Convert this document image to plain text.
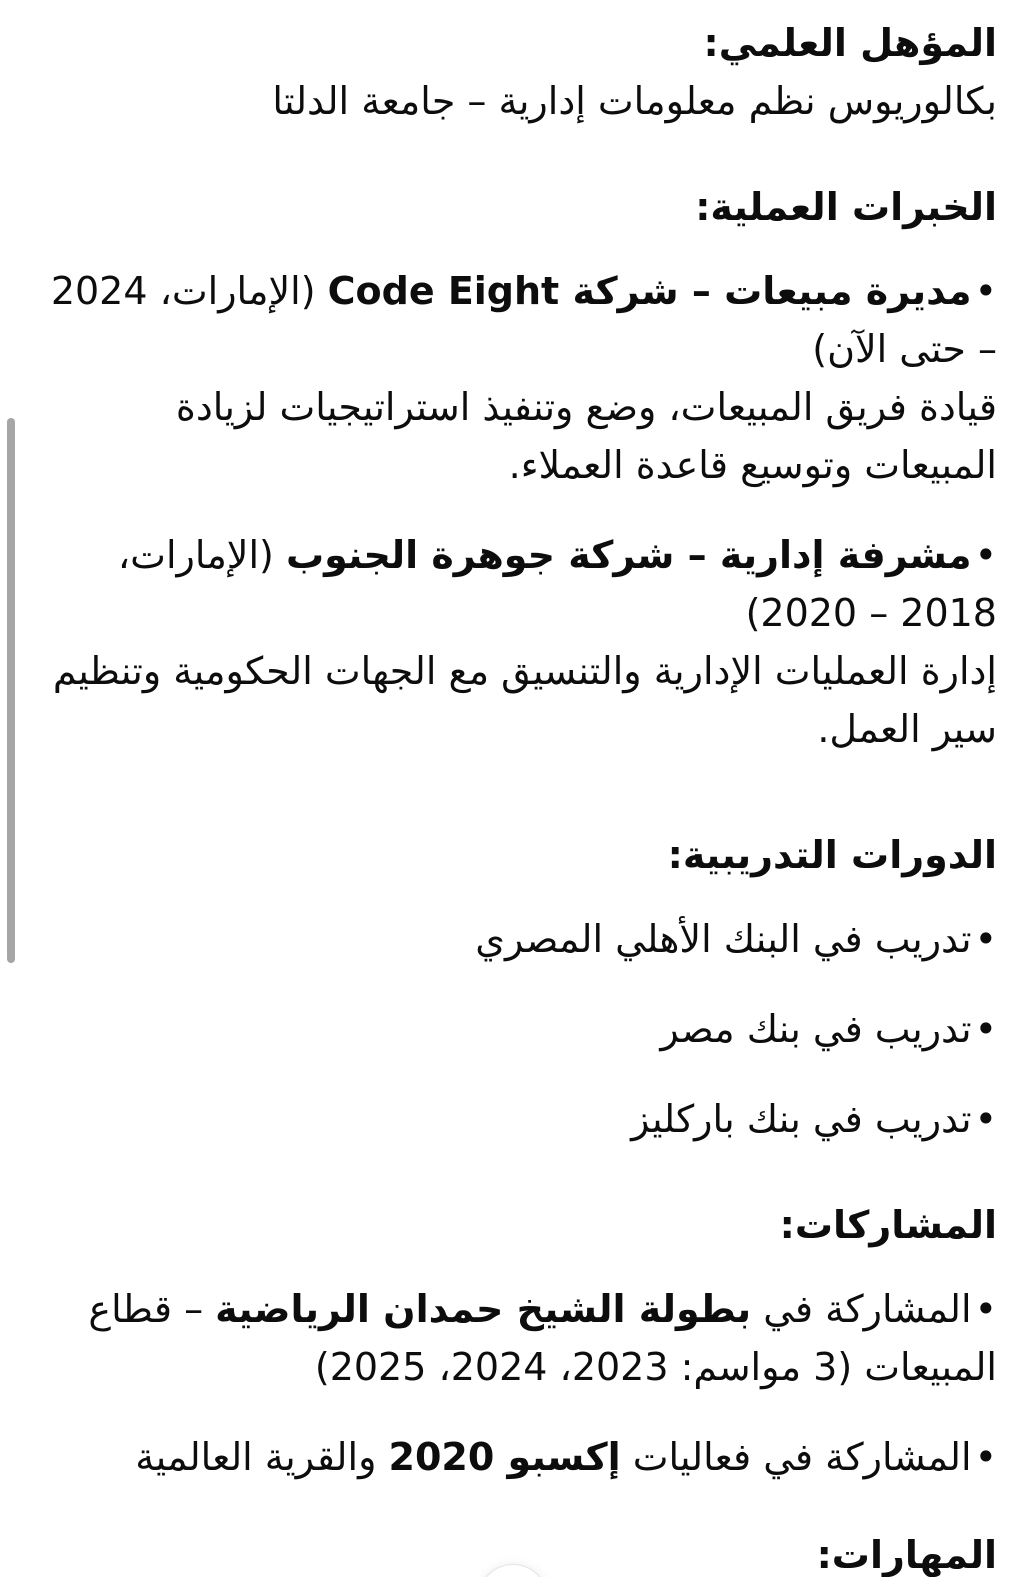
المؤهل العلمي:

بكالوريوس نظم معلومات إدارية – جامعة الدلتا

الخبرات العملية:
• مديرة مبيعات – شركة Code Eight (الإمارات، 2024 – حتى الآن)
قيادة فريق المبيعات، وضع وتنفيذ استراتيجيات لزيادة المبيعات وتوسيع قاعدة العملاء.
• مشرفة إدارية – شركة جوهرة الجنوب (الإمارات، 2018 – 2020)
إدارة العمليات الإدارية والتنسيق مع الجهات الحكومية وتنظيم سير العمل.
الدورات التدريبية:
• تدريب في البنك الأهلي المصري
• تدريب في بنك مصر
• تدريب في بنك باركليز
المشاركات:
• المشاركة في بطولة الشيخ حمدان الرياضية – قطاع المبيعات (3 مواسم: 2023، 2024، 2025)
• المشاركة في فعاليات إكسبو 2020 والقرية العالمية
المهارات:
